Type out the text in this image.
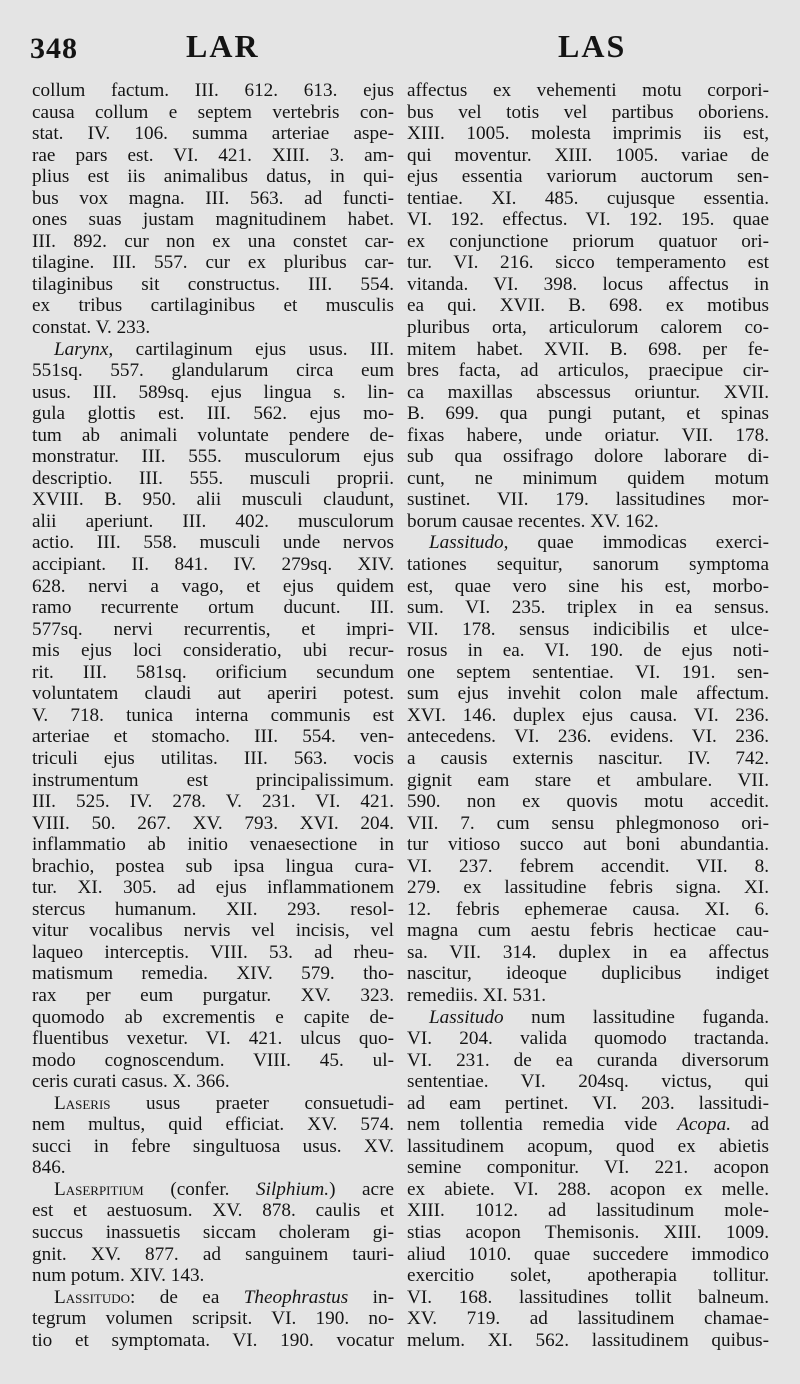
348	LAR	LAS
collum factum. III. 612. 613. ejus
causa collum e septem vertebris con-
stat. IV. 106. summa arteriae aspe-
rae pars est. VI. 421. XIII. 3. am-
plius est iis animalibus datus, in qui-
bus vox magna. III. 563. ad functi-
ones suas justam magnitudinem habet.
III. 892. cur non ex una constet car-
tilagine. III. 557. cur ex pluribus car-
tilaginibus sit constructus. III. 554.
ex tribus cartilaginibus et musculis
constat. V. 233.
Larynx, cartilaginum ejus usus. III.
551sq. 557. glandularum circa eum
usus. III. 589sq. ejus lingua s. lin-
gula glottis est. III. 562. ejus mo-
tum ab animali voluntate pendere de-
monstratur. III. 555. musculorum ejus
descriptio. III. 555. musculi proprii.
XVIII. B. 950. alii musculi claudunt,
alii aperiunt. III. 402. musculorum
actio. III. 558. musculi unde nervos
accipiant. II. 841. IV. 279sq. XIV.
628. nervi a vago, et ejus quidem
ramo recurrente ortum ducunt. III.
577sq. nervi recurrentis, et impri-
mis ejus loci consideratio, ubi recur-
rit. III. 581sq. orificium secundum
voluntatem claudi aut aperiri potest.
V. 718. tunica interna communis est
arteriae et stomacho. III. 554. ven-
triculi ejus utilitas. III. 563. vocis
instrumentum est principalissimum.
III. 525. IV. 278. V. 231. VI. 421.
VIII. 50. 267. XV. 793. XVI. 204.
inflammatio ab initio venaesectione in
brachio, postea sub ipsa lingua cura-
tur. XI. 305. ad ejus inflammationem
stercus humanum. XII. 293. resol-
vitur vocalibus nervis vel incisis, vel
laqueo interceptis. VIII. 53. ad rheu-
matismum remedia. XIV. 579. tho-
rax per eum purgatur. XV. 323.
quomodo ab excrementis e capite de-
fluentibus vexetur. VI. 421. ulcus quo-
modo cognoscendum. VIII. 45. ul-
ceris curati casus. X. 366.
Laseris usus praeter consuetudi-
nem multus, quid efficiat. XV. 574.
succi in febre singultuosa usus. XV.
846.
Laserpitium (confer. Silphium.) acre
est et aestuosum. XV. 878. caulis et
succus inassuetis siccam choleram gi-
gnit. XV. 877. ad sanguinem tauri-
num potum. XIV. 143.
Lassitudo: de ea Theophrastus in-
tegrum volumen scripsit. VI. 190. no-
tio et symptomata. VI. 190. vocatur
affectus ex vehementi motu corpori-
bus vel totis vel partibus oboriens.
XIII. 1005. molesta imprimis iis est,
qui moventur. XIII. 1005. variae de
ejus essentia variorum auctorum sen-
tentiae. XI. 485. cujusque essentia.
VI. 192. effectus. VI. 192. 195. quae
ex conjunctione priorum quatuor ori-
tur. VI. 216. sicco temperamento est
vitanda. VI. 398. locus affectus in
ea qui. XVII. B. 698. ex motibus
pluribus orta, articulorum calorem co-
mitem habet. XVII. B. 698. per fe-
bres facta, ad articulos, praecipue cir-
ca maxillas abscessus oriuntur. XVII.
B. 699. qua pungi putant, et spinas
fixas habere, unde oriatur. VII. 178.
sub qua ossifrago dolore laborare di-
cunt, ne minimum quidem motum
sustinet. VII. 179. lassitudines mor-
borum causae recentes. XV. 162.
Lassitudo, quae immodicas exerci-
tationes sequitur, sanorum symptoma
est, quae vero sine his est, morbo-
sum. VI. 235. triplex in ea sensus.
VII. 178. sensus indicibilis et ulce-
rosus in ea. VI. 190. de ejus noti-
one septem sententiae. VI. 191. sen-
sum ejus invehit colon male affectum.
XVI. 146. duplex ejus causa. VI. 236.
antecedens. VI. 236. evidens. VI. 236.
a causis externis nascitur. IV. 742.
gignit eam stare et ambulare. VII.
590. non ex quovis motu accedit.
VII. 7. cum sensu phlegmonoso ori-
tur vitioso succo aut boni abundantia.
VI. 237. febrem accendit. VII. 8.
279. ex lassitudine febris signa. XI.
12. febris ephemerae causa. XI. 6.
magna cum aestu febris hecticae cau-
sa. VII. 314. duplex in ea affectus
nascitur, ideoque duplicibus indiget
remediis. XI. 531.
Lassitudo num lassitudine fuganda.
VI. 204. valida quomodo tractanda.
VI. 231. de ea curanda diversorum
sententiae. VI. 204sq. victus, qui
ad eam pertinet. VI. 203. lassitudi-
nem tollentia remedia vide Acopa. ad
lassitudinem acopum, quod ex abietis
semine componitur. VI. 221. acopon
ex abiete. VI. 288. acopon ex melle.
XIII. 1012. ad lassitudinum mole-
stias acopon Themisonis. XIII. 1009.
aliud 1010. quae succedere immodico
exercitio solet, apotherapia tollitur.
VI. 168. lassitudines tollit balneum.
XV. 719. ad lassitudinem chamae-
melum. XI. 562. lassitudinem quibus-
